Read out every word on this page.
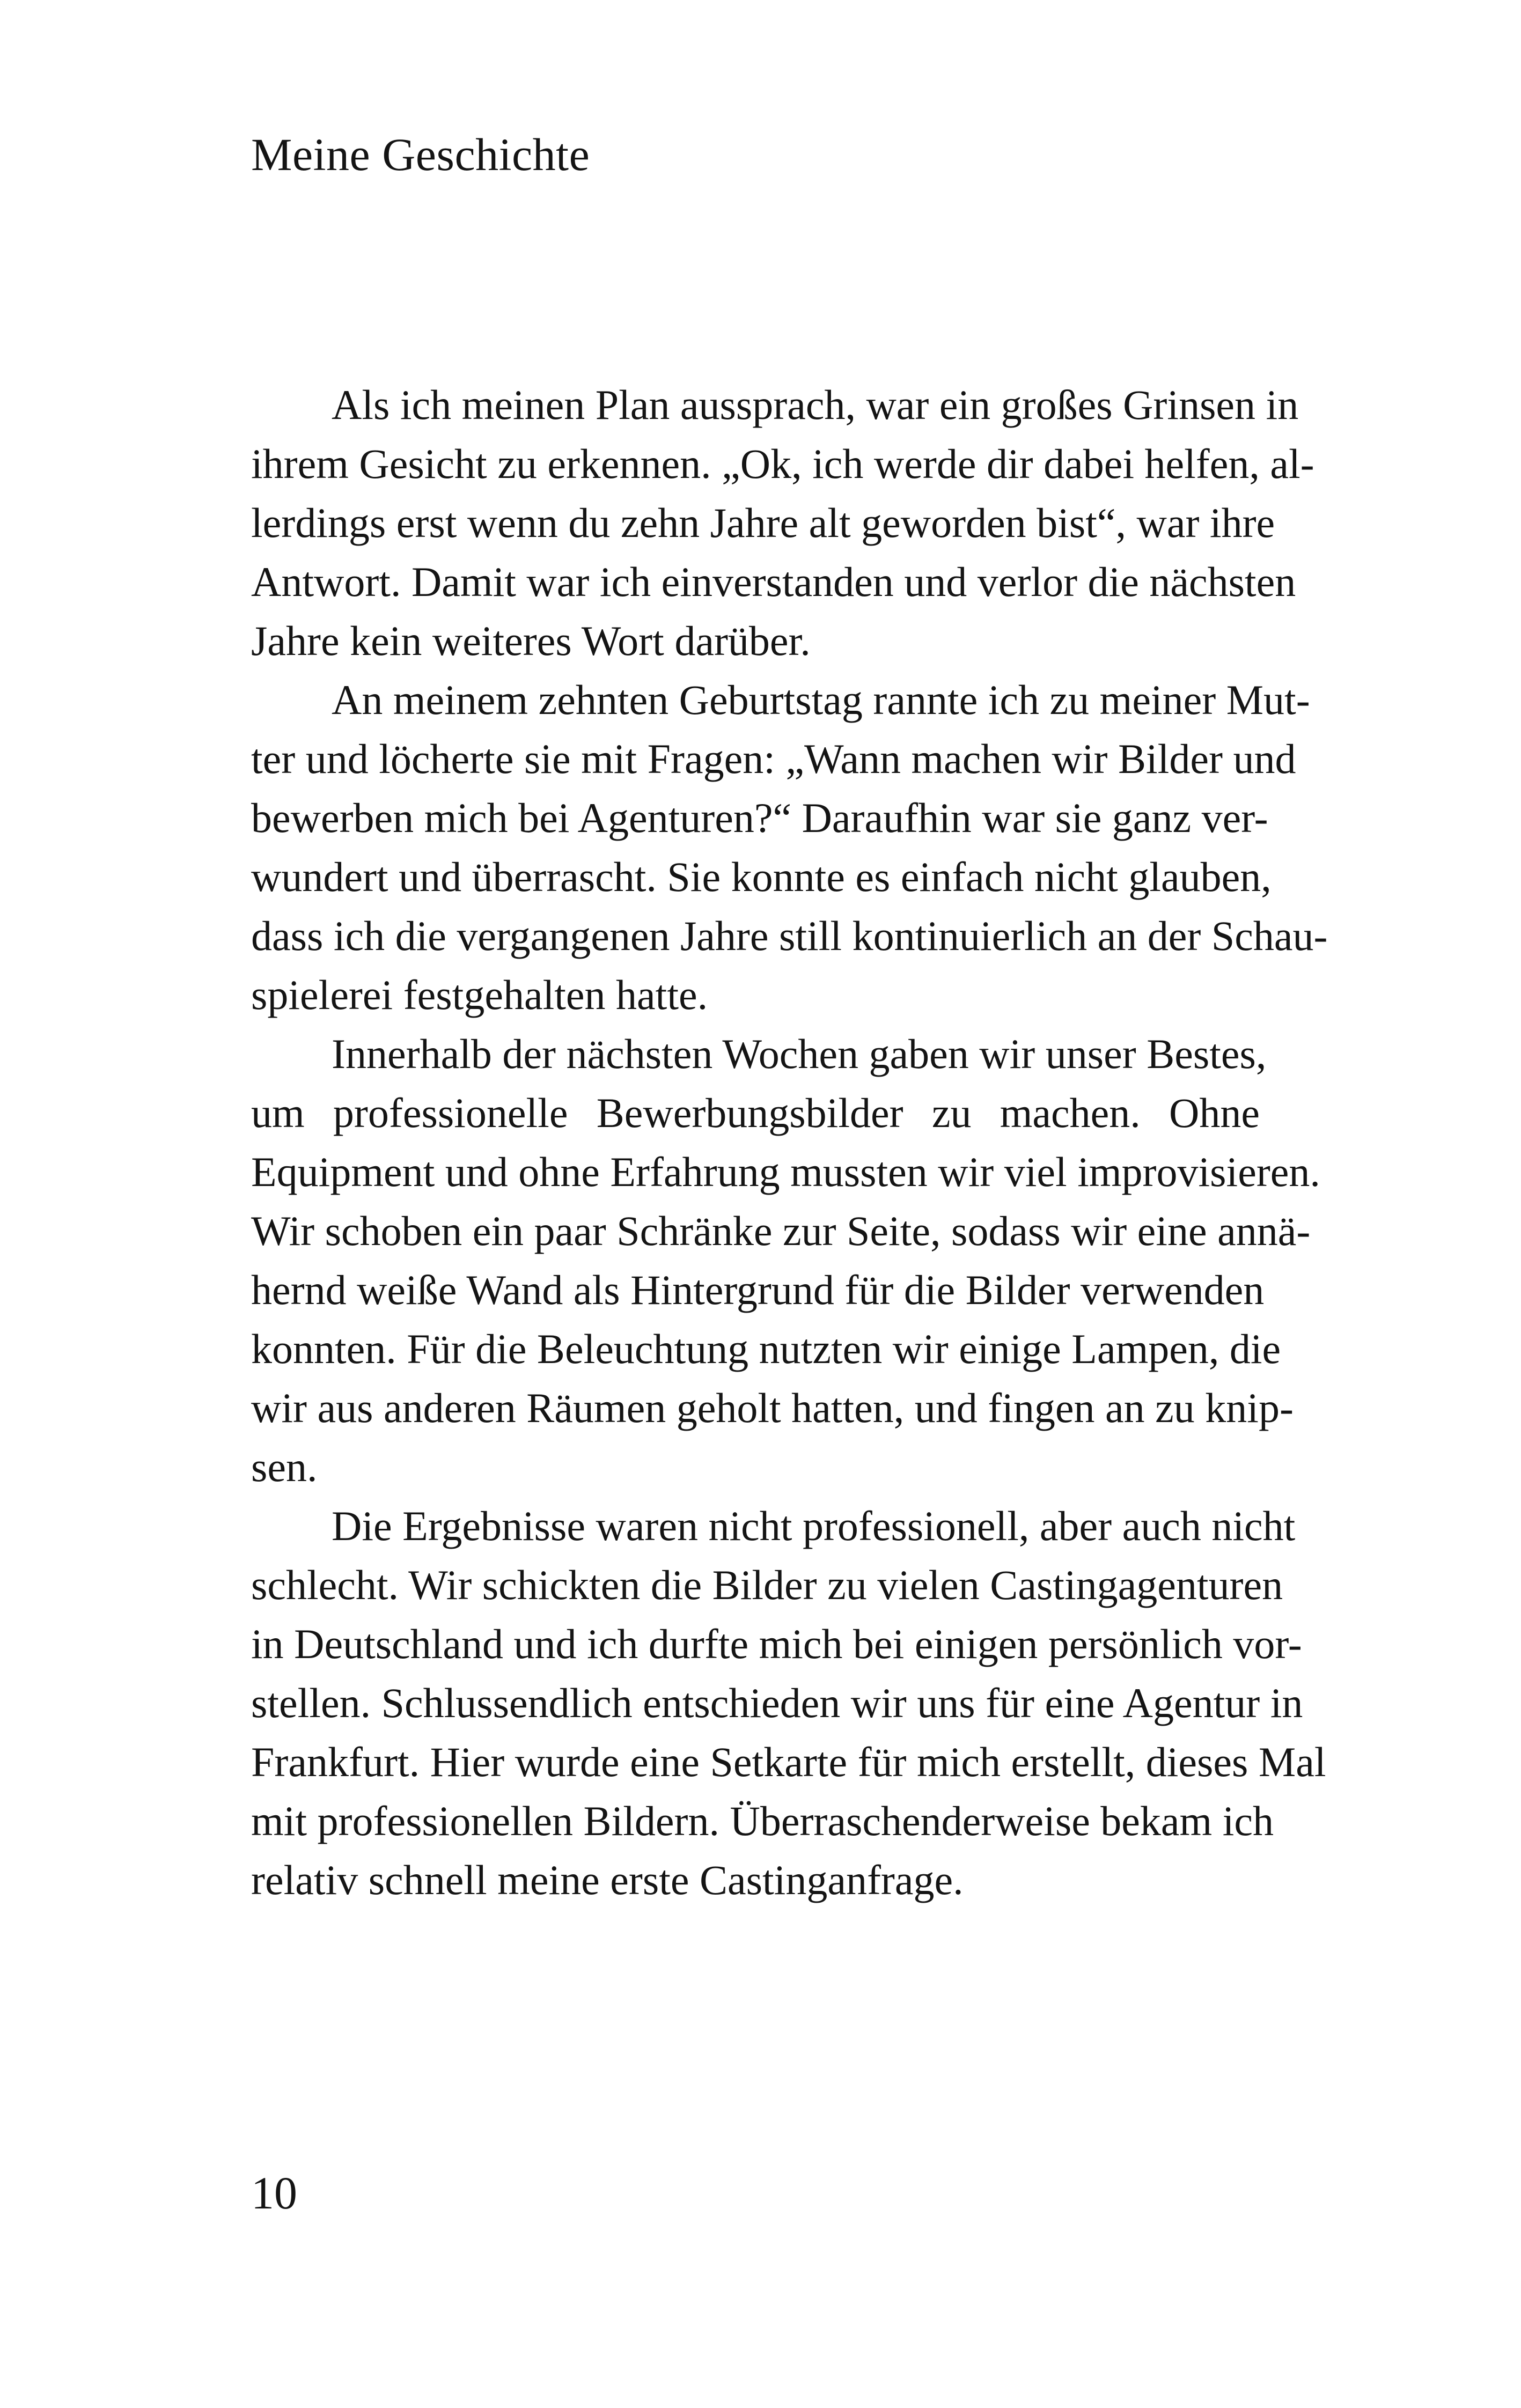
Meine Geschichte
Als ich meinen Plan aussprach, war ein großes Grinsen in
ihrem Gesicht zu erkennen. „Ok, ich werde dir dabei helfen, al-
lerdings erst wenn du zehn Jahre alt geworden bist“, war ihre
Antwort. Damit war ich einverstanden und verlor die nächsten
Jahre kein weiteres Wort darüber.
An meinem zehnten Geburtstag rannte ich zu meiner Mut-
ter und löcherte sie mit Fragen: „Wann machen wir Bilder und
bewerben mich bei Agenturen?“ Daraufhin war sie ganz ver-
wundert und überrascht. Sie konnte es einfach nicht glauben,
dass ich die vergangenen Jahre still kontinuierlich an der Schau-
spielerei festgehalten hatte.
Innerhalb der nächsten Wochen gaben wir unser Bestes,
um professionelle Bewerbungsbilder zu machen. Ohne
Equipment und ohne Erfahrung mussten wir viel improvisieren.
Wir schoben ein paar Schränke zur Seite, sodass wir eine annä-
hernd weiße Wand als Hintergrund für die Bilder verwenden
konnten. Für die Beleuchtung nutzten wir einige Lampen, die
wir aus anderen Räumen geholt hatten, und fingen an zu knip-
sen.
Die Ergebnisse waren nicht professionell, aber auch nicht
schlecht. Wir schickten die Bilder zu vielen Castingagenturen
in Deutschland und ich durfte mich bei einigen persönlich vor-
stellen. Schlussendlich entschieden wir uns für eine Agentur in
Frankfurt. Hier wurde eine Setkarte für mich erstellt, dieses Mal
mit professionellen Bildern. Überraschenderweise bekam ich
relativ schnell meine erste Castinganfrage.
10
